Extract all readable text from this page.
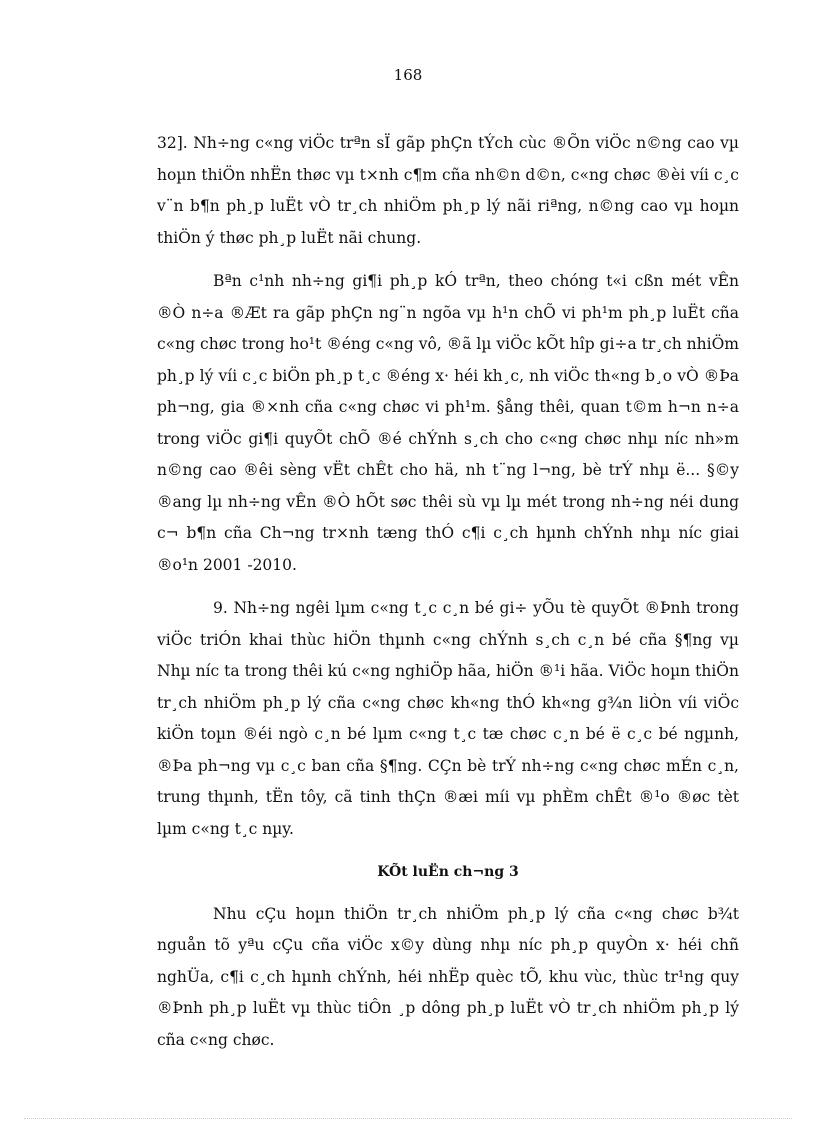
168

32]. Nh÷ng c«ng viÖc trªn sÏ gãp phÇn tÝch cùc ®Õn viÖc n©ng cao vµ hoµn thiÖn nhËn thøc vµ t×nh c¶m cña nh©n d©n, c«ng chøc ®èi víi c¸c v¨n b¶n ph¸p luËt vÒ tr¸ch nhiÖm ph¸p lý nãi riªng, n©ng cao vµ hoµn thiÖn ý thøc ph¸p luËt nãi chung.

Bªn c¹nh nh÷ng gi¶i ph¸p kÓ trªn, theo chóng t«i cßn mét vÊn ®Ò n÷a ®Æt ra gãp phÇn ng¨n ngõa vµ h¹n chÕ vi ph¹m ph¸p luËt cña c«ng chøc trong ho¹t ®éng c«ng vô, ®ã lµ viÖc kÕt hîp gi÷a tr¸ch nhiÖm ph¸p lý víi c¸c biÖn ph¸p t¸c ®éng x· héi kh¸c, nh viÖc th«ng b¸o vÒ ®Þa ph¬ng, gia ®×nh cña c«ng chøc vi ph¹m. §ång thêi, quan t©m h¬n n÷a trong viÖc gi¶i quyÕt chÕ ®é chÝnh s¸ch cho c«ng chøc nhµ níc nh»m n©ng cao ®êi sèng vËt chÊt cho hä, nh t¨ng l¬ng, bè trÝ nhµ ë... §©y ®ang lµ nh÷ng vÊn ®Ò hÕt søc thêi sù vµ lµ mét trong nh÷ng néi dung c¬ b¶n cña Ch¬ng tr×nh tæng thÓ c¶i c¸ch hµnh chÝnh nhµ níc giai ®o¹n 2001 -2010.

9. Nh÷ng ngêi lµm c«ng t¸c c¸n bé gi÷ yÕu tè quyÕt ®Þnh trong viÖc triÓn khai thùc hiÖn thµnh c«ng chÝnh s¸ch c¸n bé cña §¶ng vµ Nhµ níc ta trong thêi kú c«ng nghiÖp hãa, hiÖn ®¹i hãa. ViÖc hoµn thiÖn tr¸ch nhiÖm ph¸p lý cña c«ng chøc kh«ng thÓ kh«ng g¾n liÒn víi viÖc kiÖn toµn ®éi ngò c¸n bé lµm c«ng t¸c tæ chøc c¸n bé ë c¸c bé ngµnh, ®Þa ph¬ng vµ c¸c ban cña §¶ng. CÇn bè trÝ nh÷ng c«ng chøc mÉn c¸n, trung thµnh, tËn tôy, cã tinh thÇn ®æi míi vµ phÈm chÊt ®¹o ®øc tèt lµm c«ng t¸c nµy.

KÕt luËn ch¬ng 3

Nhu cÇu hoµn thiÖn tr¸ch nhiÖm ph¸p lý cña c«ng chøc b¾t nguån tõ yªu cÇu cña viÖc x©y dùng nhµ níc ph¸p quyÒn x· héi chñ nghÜa, c¶i c¸ch hµnh chÝnh, héi nhËp quèc tÕ, khu vùc, thùc tr¹ng quy ®Þnh ph¸p luËt vµ thùc tiÔn ¸p dông ph¸p luËt vÒ tr¸ch nhiÖm ph¸p lý cña c«ng chøc.
